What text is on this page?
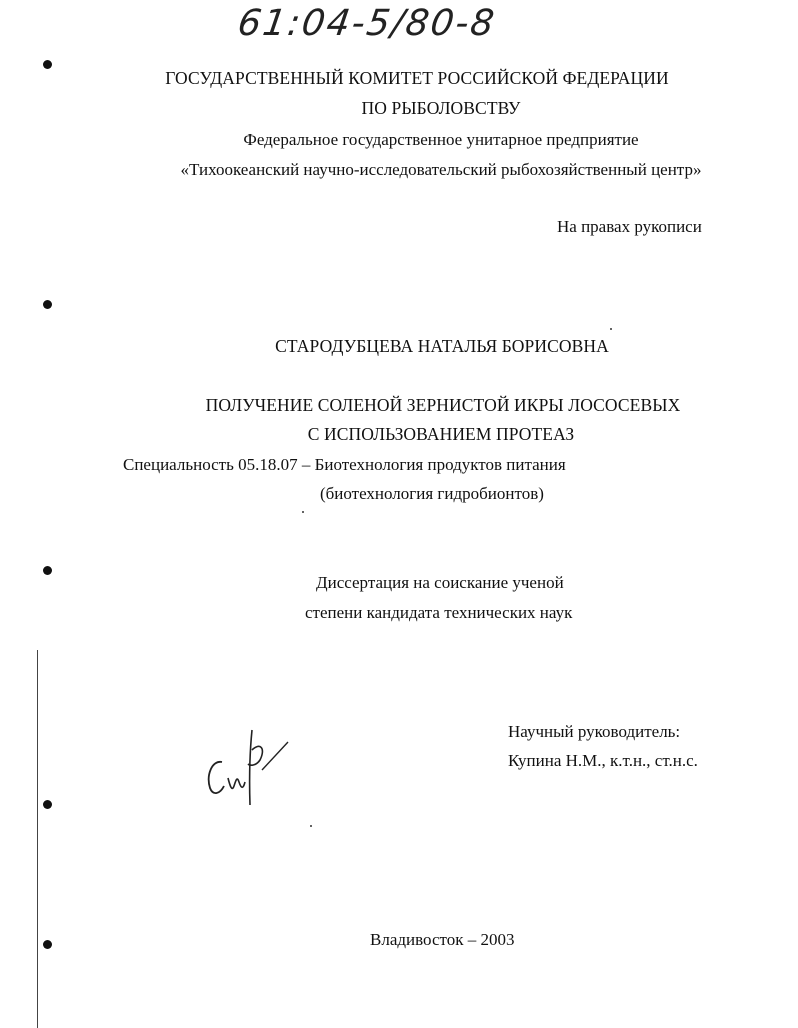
61:04-5/80-8
ГОСУДАРСТВЕННЫЙ КОМИТЕТ РОССИЙСКОЙ ФЕДЕРАЦИИ
ПО РЫБОЛОВСТВУ
Федеральное государственное унитарное предприятие
«Тихоокеанский научно-исследовательский рыбохозяйственный центр»
На правах рукописи
СТАРОДУБЦЕВА НАТАЛЬЯ БОРИСОВНА
ПОЛУЧЕНИЕ СОЛЕНОЙ ЗЕРНИСТОЙ ИКРЫ ЛОСОСЕВЫХ
С ИСПОЛЬЗОВАНИЕМ ПРОТЕАЗ
Специальность 05.18.07 – Биотехнология продуктов питания
(биотехнология гидробионтов)
Диссертация на соискание ученой
степени кандидата технических наук
Научный руководитель:
Купина Н.М., к.т.н., ст.н.с.
Владивосток – 2003
